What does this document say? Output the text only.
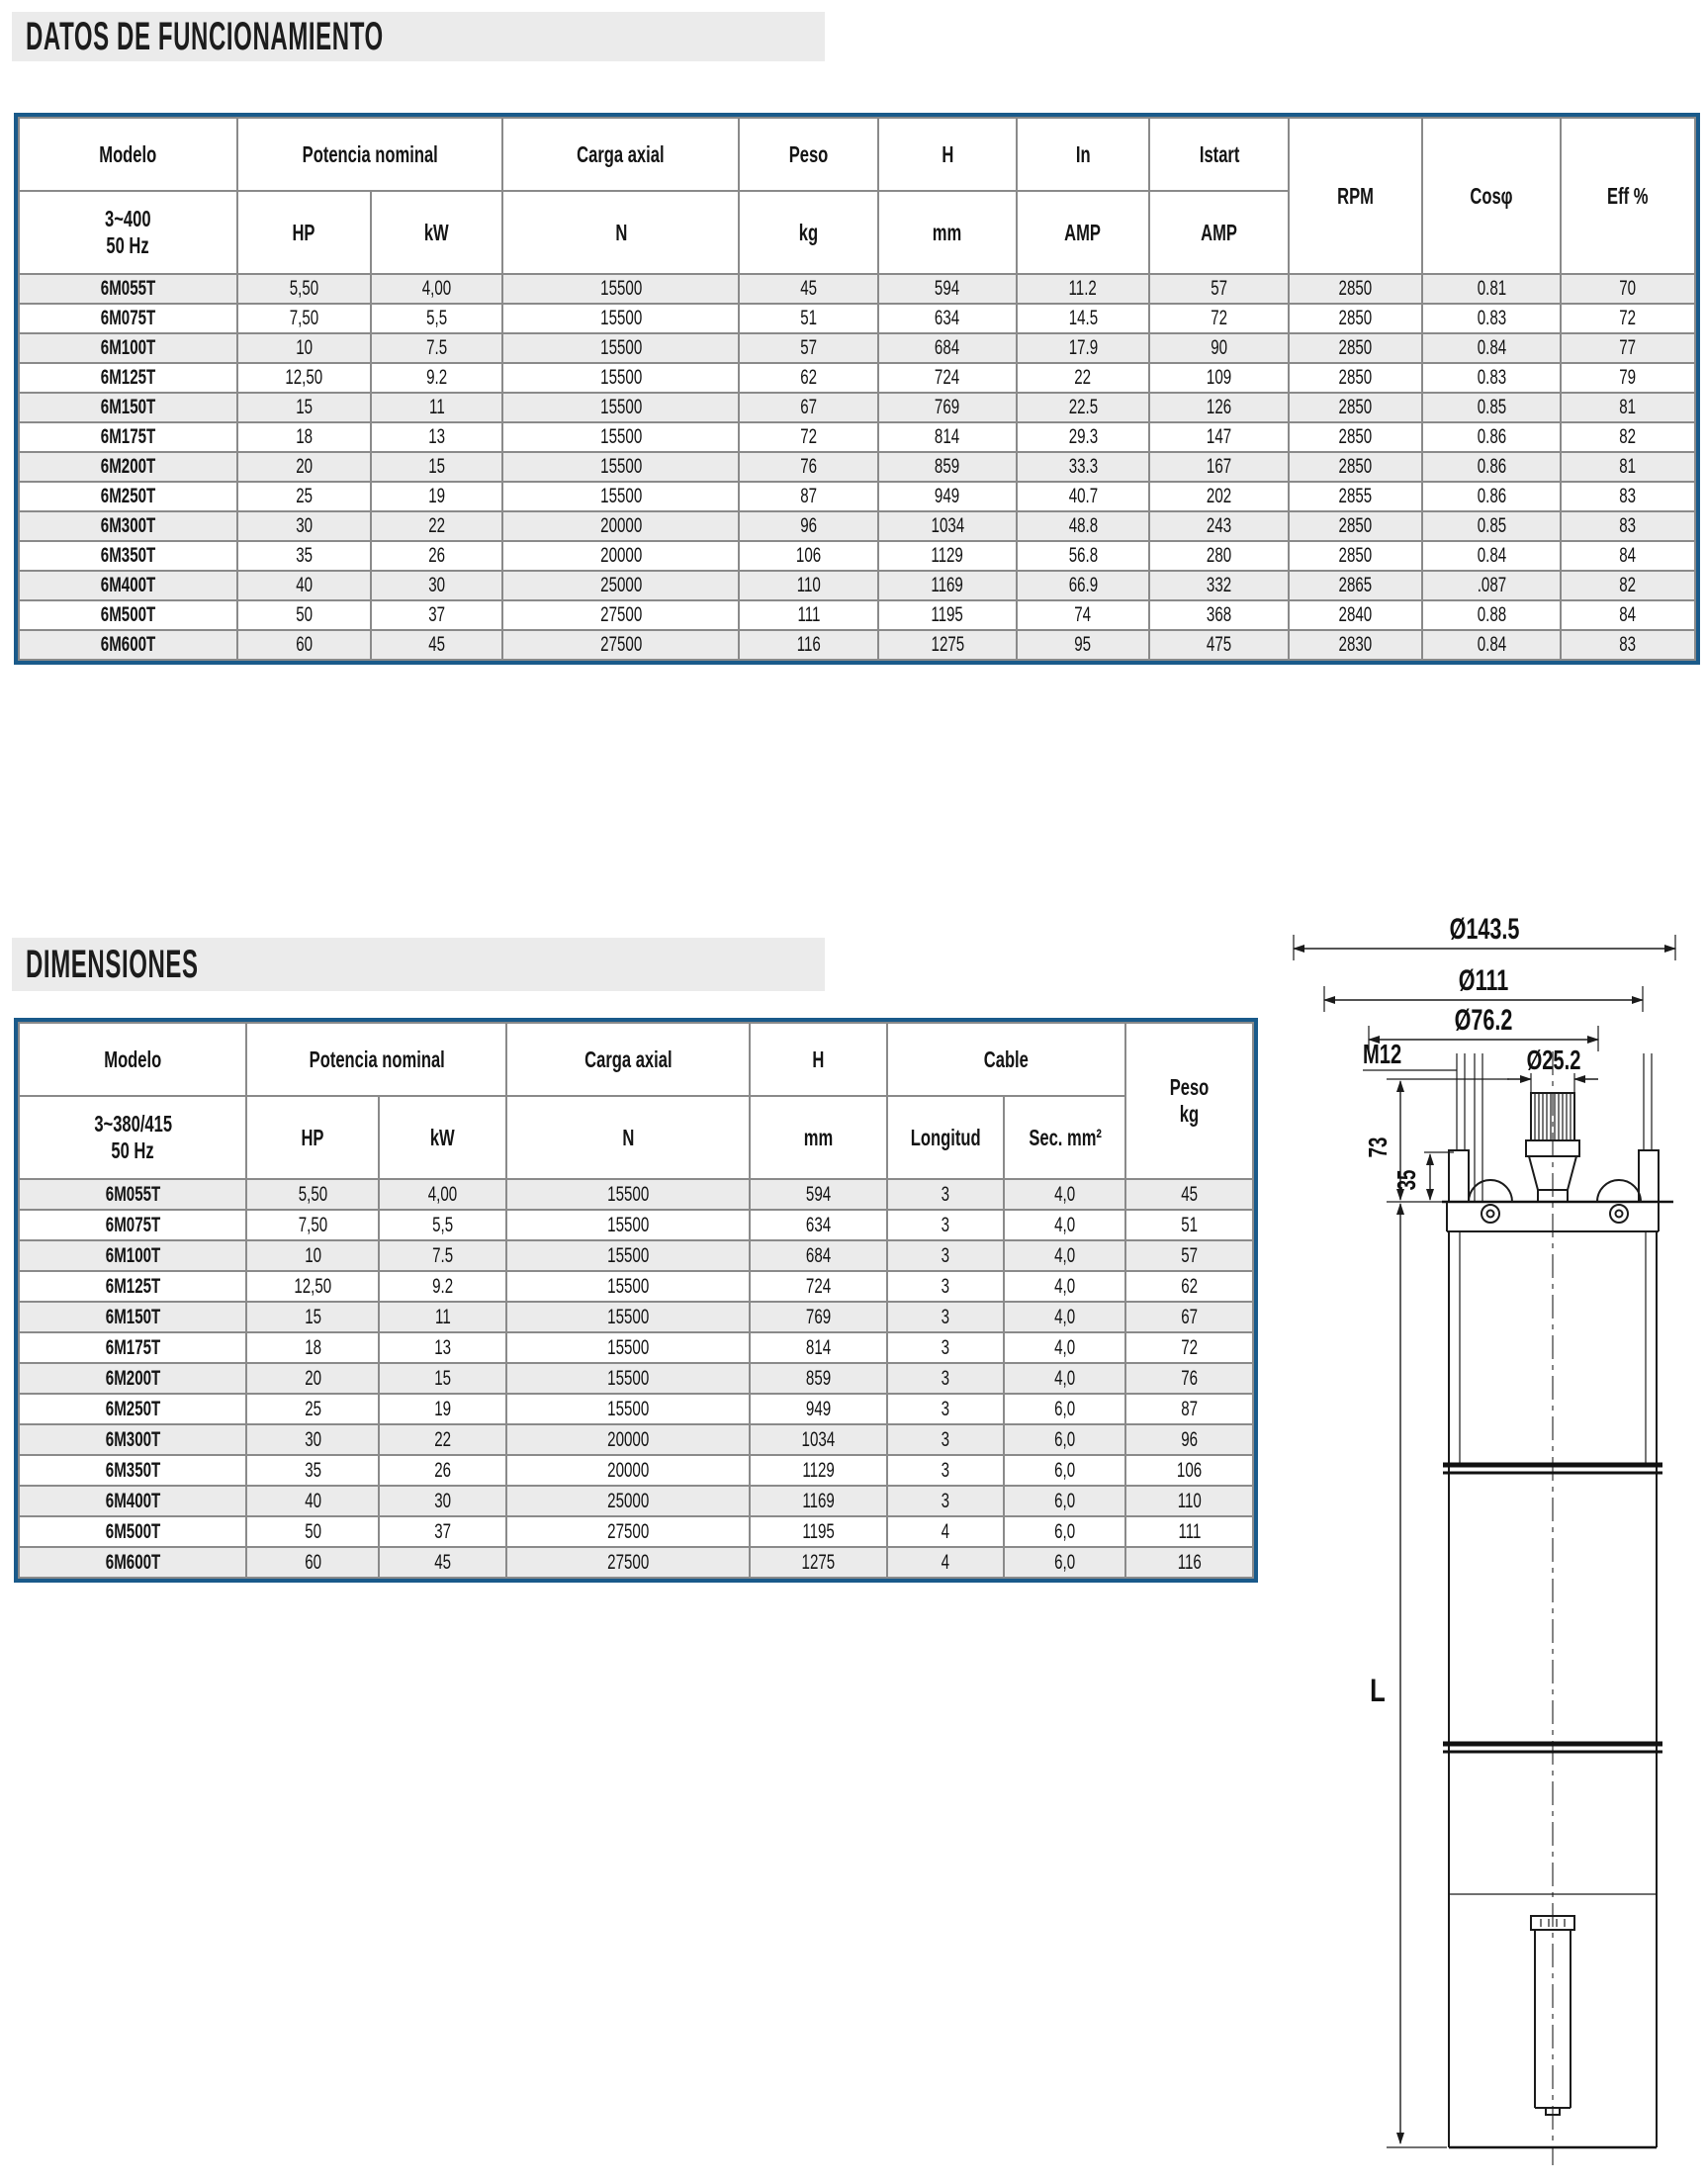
DATOS DE FUNCIONAMIENTO
Modelo	Potencia nominal		Carga axial	Peso	H	In	Istart	RPM	Cosφ	Eff %

3~400
50 Hz	HP	kW	N	kg	mm	AMP	AMP			
6M055T	5,50	4,00	15500	45	594	11.2	57	2850	0.81	70
6M075T	7,50	5,5	15500	51	634	14.5	72	2850	0.83	72
6M100T	10	7.5	15500	57	684	17.9	90	2850	0.84	77
6M125T	12,50	9.2	15500	62	724	22	109	2850	0.83	79
6M150T	15	11	15500	67	769	22.5	126	2850	0.85	81
6M175T	18	13	15500	72	814	29.3	147	2850	0.86	82
6M200T	20	15	15500	76	859	33.3	167	2850	0.86	81
6M250T	25	19	15500	87	949	40.7	202	2855	0.86	83
6M300T	30	22	20000	96	1034	48.8	243	2850	0.85	83
6M350T	35	26	20000	106	1129	56.8	280	2850	0.84	84
6M400T	40	30	25000	110	1169	66.9	332	2865	.087	82
6M500T	50	37	27500	111	1195	74	368	2840	0.88	84
6M600T	60	45	27500	116	1275	95	475	2830	0.84	83
DIMENSIONES
Modelo	Potencia nominal		Carga axial	H	Cable		Peso
kg

3~380/415
50 Hz	HP	kW	N	mm	Longitud	Sec. mm²	
6M055T	5,50	4,00	15500	594	3	4,0	45
6M075T	7,50	5,5	15500	634	3	4,0	51
6M100T	10	7.5	15500	684	3	4,0	57
6M125T	12,50	9.2	15500	724	3	4,0	62
6M150T	15	11	15500	769	3	4,0	67
6M175T	18	13	15500	814	3	4,0	72
6M200T	20	15	15500	859	3	4,0	76
6M250T	25	19	15500	949	3	6,0	87
6M300T	30	22	20000	1034	3	6,0	96
6M350T	35	26	20000	1129	3	6,0	106
6M400T	40	30	25000	1169	3	6,0	110
6M500T	50	37	27500	1195	4	6,0	111
6M600T	60	45	27500	1275	4	6,0	116
Ø143.5
Ø111
Ø76.2
M12	Ø25.2
73
35
L
